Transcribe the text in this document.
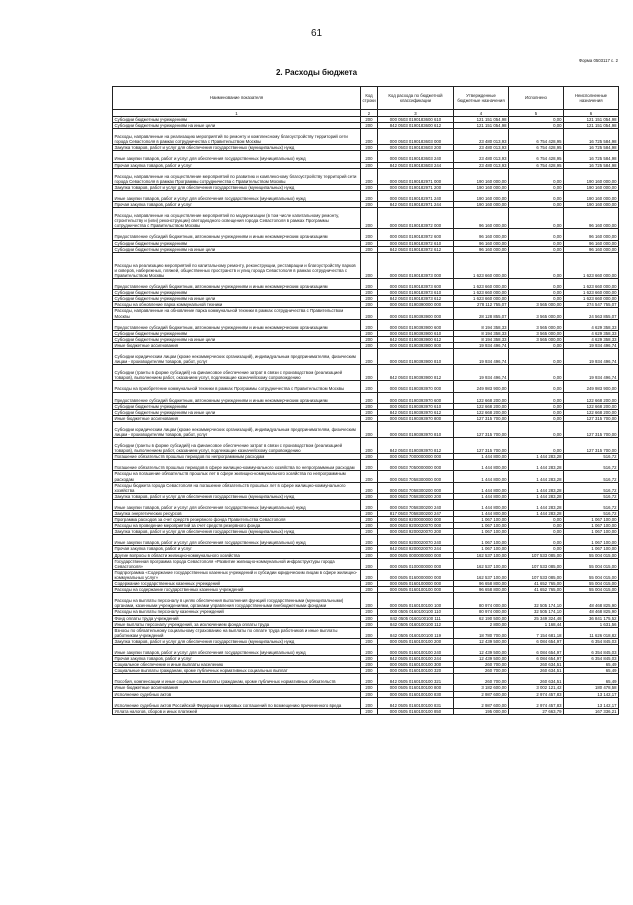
61
Форма 0503117 с. 2
2. Расходы бюджета
Наименование показателя	Код строки	Код расхода по бюджетной классификации	Утвержденные бюджетные назначения	Исполнено	Неисполненные назначения
1	2	3	4	5	6
Субсидии бюджетным учреждениям	200	000 0503 0190183600 610	121 151 054,98	0,00	121 151 054,98
Субсидии бюджетным учреждениям на иные цели	200	842 0503 0190183600 612	121 151 054,98	0,00	121 151 054,98
Расходы, направленные на реализацию мероприятий по ремонту и комплексному благоустройству территорий сети города Севастополя в рамках сотрудничества с Правительством Москвы	200	000 0503 0190183603 000	23 480 013,93	6 754 428,95	16 725 584,98
Закупка товаров, работ и услуг для обеспечения государственных (муниципальных) нужд	200	000 0503 0190183603 200	23 480 013,93	6 754 428,95	16 725 584,98
Иные закупки товаров, работ и услуг для обеспечения государственных (муниципальных) нужд	200	000 0503 0190183603 240	23 480 013,93	6 754 428,95	16 725 584,98
Прочая закупка товаров, работ и услуг	200	842 0503 0190183603 244	23 480 013,93	6 754 428,95	16 725 584,98
Расходы, направленные на осуществление мероприятий по развитию и комплексному благоустройству территорий сети города Севастополя в рамках Программы сотрудничества с Правительством Москвы	200	000 0503 0190182971 000	190 160 000,00	0,00	190 160 000,00
Закупка товаров, работ и услуг для обеспечения государственных (муниципальных) нужд	200	000 0503 0190182971 200	190 160 000,00	0,00	190 160 000,00
Иные закупки товаров, работ и услуг для обеспечения государственных (муниципальных) нужд	200	000 0503 0190182971 240	190 160 000,00	0,00	190 160 000,00
Прочая закупка товаров, работ и услуг	200	842 0503 0190182971 244	190 160 000,00	0,00	190 160 000,00
Расходы, направленные на осуществление мероприятий по модернизации (в том числе капитальному ремонту, строительству и (или) реконструкции) светодиодного освещения города Севастополя в рамках Программы сотрудничества с Правительством Москвы	200	000 0503 0190183972 000	96 160 000,00	0,00	96 160 000,00
Предоставление субсидий бюджетным, автономным учреждениям и иным некоммерческим организациям	200	000 0503 0190183972 600	96 160 000,00	0,00	96 160 000,00
Субсидии бюджетным учреждениям	200	000 0503 0190183972 610	96 160 000,00	0,00	96 160 000,00
Субсидии бюджетным учреждениям на иные цели	200	842 0503 0190183972 612	96 160 000,00	0,00	96 160 000,00
Расходы на реализацию мероприятий по капитальному ремонту, реконструкции, реставрации и благоустройству парков и скверов, набережных, пляжей, общественных пространств и улиц города Севастополя в рамках сотрудничества с Правительством Москвы	200	000 0503 0190183973 000	1 623 660 000,00	0,00	1 623 660 000,00
Предоставление субсидий бюджетным, автономным учреждениям и иным некоммерческим организациям	200	000 0503 0190183973 600	1 623 660 000,00	0,00	1 623 660 000,00
Субсидии бюджетным учреждениям	200	000 0503 0190183973 610	1 623 660 000,00	0,00	1 623 660 000,00
Субсидии бюджетным учреждениям на иные цели	200	842 0503 0190183973 612	1 623 660 000,00	0,00	1 623 660 000,00
Расходы на обновление парка коммунальной техники	200	000 0503 0190390000 000	278 112 755,07	3 565 000,00	274 547 755,07
Расходы, направленные на обновление парка коммунальной техники в рамках сотрудничества с Правительством Москвы	200	000 0503 0190393900 000	28 128 855,07	3 565 000,00	24 563 855,07
Предоставление субсидий бюджетным, автономным учреждениям и иным некоммерческим организациям	200	000 0503 0190393900 600	8 194 358,33	3 565 000,00	4 629 358,33
Субсидии бюджетным учреждениям	200	000 0503 0190393900 610	8 194 358,33	3 565 000,00	4 629 358,33
Субсидии бюджетным учреждениям на иные цели	200	842 0503 0190393900 612	8 194 358,33	3 565 000,00	4 629 358,33
Иные бюджетные ассигнования	200	000 0503 0190393900 800	19 934 496,74	0,00	19 934 496,74
Субсидии юридическим лицам (кроме некоммерческих организаций), индивидуальным предпринимателям, физическим лицам - производителям товаров, работ, услуг	200	000 0503 0190393900 810	19 934 496,74	0,00	19 934 496,74
Субсидии (гранты в форме субсидий) на финансовое обеспечение затрат в связи с производством (реализацией товаров), выполнением работ, оказанием услуг, подлежащие казначейскому сопровождению	200	842 0503 0190393900 812	19 934 496,74	0,00	19 934 496,74
Расходы на приобретение коммунальной техники в рамках Программы сотрудничества с Правительством Москвы	200	000 0503 0190393970 000	249 983 900,00	0,00	249 983 900,00
Предоставление субсидий бюджетным, автономным учреждениям и иным некоммерческим организациям	200	000 0503 0190393970 600	122 668 200,00	0,00	122 668 200,00
Субсидии бюджетным учреждениям	200	000 0503 0190393970 610	122 668 200,00	0,00	122 668 200,00
Субсидии бюджетным учреждениям на иные цели	200	842 0503 0190393970 612	122 668 200,00	0,00	122 668 200,00
Иные бюджетные ассигнования	200	000 0503 0190393970 800	127 315 700,00	0,00	127 315 700,00
Субсидии юридическим лицам (кроме некоммерческих организаций), индивидуальным предпринимателям, физическим лицам - производителям товаров, работ, услуг	200	000 0503 0190393970 810	127 315 700,00	0,00	127 315 700,00
Субсидии (гранты в форме субсидий) на финансовое обеспечение затрат в связи с производством (реализацией товаров), выполнением работ, оказанием услуг, подлежащие казначейскому сопровождению	200	842 0503 0190393970 812	127 315 700,00	0,00	127 315 700,00
Погашение обязательств прошлых периодов по непрограммным расходам	200	000 0503 7000000000 000	1 444 800,00	1 444 283,28	516,72
Погашение обязательств прошлых периодов в сфере жилищно-коммунального хозяйства по непрограммным расходам	200	000 0503 7050000000 000	1 444 800,00	1 444 283,28	516,72
Расходы на погашение обязательств прошлых лет в сфере жилищно-коммунального хозяйства по непрограммным расходам	200	000 0503 7058300000 000	1 444 800,00	1 444 283,28	516,72
Расходы бюджета города Севастополя на погашение обязательств прошлых лет в сфере жилищно-коммунального хозяйства	200	000 0503 7058300200 000	1 444 800,00	1 444 283,28	516,72
Закупка товаров, работ и услуг для обеспечения государственных (муниципальных) нужд	200	000 0503 7058300200 200	1 444 800,00	1 444 283,28	516,72
Иные закупки товаров, работ и услуг для обеспечения государственных (муниципальных) нужд	200	000 0503 7058300200 240	1 444 800,00	1 444 283,28	516,72
Закупка энергетических ресурсов	200	817 0503 7058300200 247	1 444 800,00	1 444 283,28	516,72
Программа расходов за счет средств резервного фонда Правительства Севастополя	200	000 0503 9200000000 000	1 067 100,00	0,00	1 067 100,00
Расходы на проведение мероприятий за счет средств резервного фонда	200	000 0503 9200020070 000	1 067 100,00	0,00	1 067 100,00
Закупка товаров, работ и услуг для обеспечения государственных (муниципальных) нужд	200	000 0503 9200020070 200	1 067 100,00	0,00	1 067 100,00
Иные закупки товаров, работ и услуг для обеспечения государственных (муниципальных) нужд	200	000 0503 9200020070 240	1 067 100,00	0,00	1 067 100,00
Прочая закупка товаров, работ и услуг	200	842 0503 9200020070 244	1 067 100,00	0,00	1 067 100,00
Другие вопросы в области жилищно-коммунального хозяйства	200	000 0505 0000000000 000	162 537 100,00	107 533 085,00	55 004 015,00
Государственная программа города Севастополя «Развитие жилищно-коммунальной инфраструктуры города Севастополя»	200	000 0505 0100000000 000	162 537 100,00	107 533 085,00	55 004 015,00
Подпрограмма «Содержание государственных казенных учреждений и субсидии юридическим лицам в сфере жилищно-коммунальных услуг»	200	000 0505 0160000000 000	162 537 100,00	107 533 085,00	55 004 015,00
Содержание государственных казенных учреждений	200	000 0505 0160100000 000	96 658 800,00	41 652 765,00	55 004 015,00
Расходы на содержание государственных казенных учреждений	200	000 0505 0160100100 000	96 658 800,00	41 652 765,00	55 004 015,00
Расходы на выплаты персоналу в целях обеспечения выполнения функций государственными (муниципальными) органами, казенными учреждениями, органами управления государственными внебюджетными фондами	200	000 0505 0160100100 100	80 974 000,00	32 505 174,10	48 468 825,90
Расходы на выплаты персоналу казенных учреждений	200	000 0505 0160100100 110	80 974 000,00	32 505 174,10	48 468 825,90
Фонд оплаты труда учреждений	200	842 0505 0160100100 111	62 190 500,00	25 349 324,48	36 841 175,52
Иные выплаты персоналу учреждений, за исключением фонда оплаты труда	200	842 0505 0160100100 112	2 800,00	1 168,44	1 631,56
Взносы по обязательному социальному страхованию на выплаты по оплате труда работников и иные выплаты работникам учреждений	200	842 0505 0160100100 119	18 780 700,00	7 154 681,18	11 626 018,82
Закупка товаров, работ и услуг для обеспечения государственных (муниципальных) нужд	200	000 0505 0160100100 200	12 439 500,00	6 084 654,97	6 354 845,03
Иные закупки товаров, работ и услуг для обеспечения государственных (муниципальных) нужд	200	000 0505 0160100100 240	12 439 500,00	6 084 654,97	6 354 845,03
Прочая закупка товаров, работ и услуг	200	842 0505 0160100100 244	12 439 500,00	6 084 654,97	6 354 845,03
Социальное обеспечение и иные выплаты населению	200	000 0505 0160100100 300	260 700,00	260 634,51	65,49
Социальные выплаты гражданам, кроме публичных нормативных социальных выплат	200	000 0505 0160100100 320	260 700,00	260 634,51	65,49
Пособия, компенсации и иные социальные выплаты гражданам, кроме публичных нормативных обязательств	200	842 0505 0160100100 321	260 700,00	260 634,51	65,49
Иные бюджетные ассигнования	200	000 0505 0160100100 800	3 182 600,00	3 002 121,42	180 478,58
Исполнение судебных актов	200	000 0505 0160100100 830	2 987 600,00	2 974 457,83	13 142,17
Исполнение судебных актов Российской Федерации и мировых соглашений по возмещению причиненного вреда	200	842 0505 0160100100 831	2 987 600,00	2 974 457,83	13 142,17
Уплата налогов, сборов и иных платежей	200	000 0505 0160100100 850	195 000,00	27 663,79	167 336,21
